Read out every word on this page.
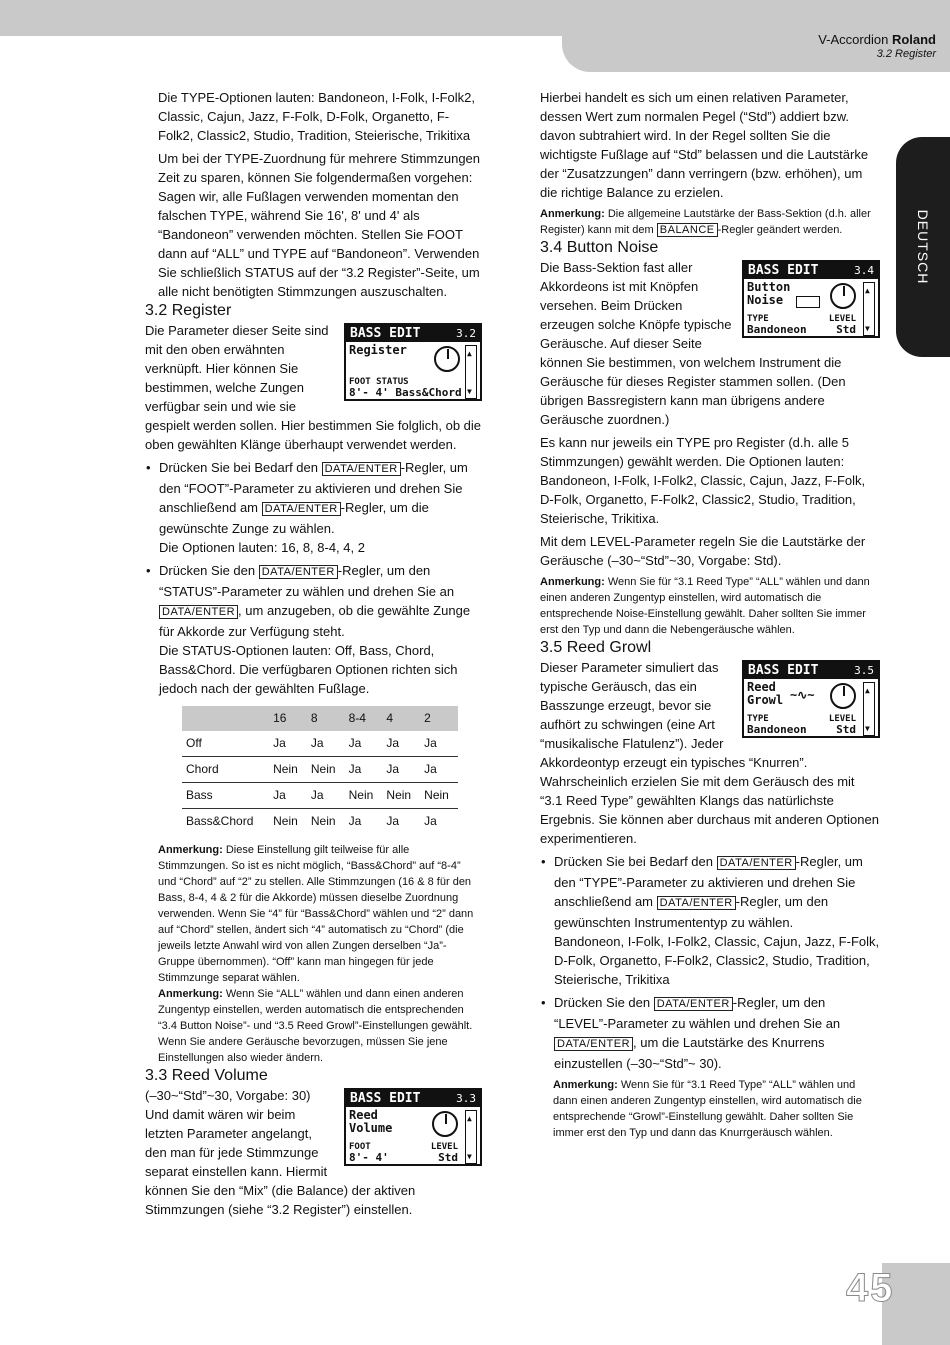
V-Accordion Roland
3.2 Register
DEUTSCH
45

Die TYPE-Optionen lauten: Bandoneon, I-Folk, I-Folk2, Classic, Cajun, Jazz, F-Folk, D-Folk, Organetto, F-Folk2, Classic2, Studio, Tradition, Steierische, Trikitixa

Um bei der TYPE-Zuordnung für mehrere Stimmzungen Zeit zu sparen, können Sie folgendermaßen vorgehen: Sagen wir, alle Fußlagen verwenden momentan den falschen TYPE, während Sie 16', 8' und 4' als “Bandoneon” verwenden möchten. Stellen Sie FOOT dann auf “ALL” und TYPE auf “Bandoneon”. Verwenden Sie schließlich STATUS auf der “3.2 Register”-Seite, um alle nicht benötigten Stimmzungen auszuschalten.

3.2 Register

BASS EDIT	3.2
Register
▲ ▼
FOOT STATUS
8'- 4' Bass&Chord

Die Parameter dieser Seite sind mit den oben erwähnten verknüpft. Hier können Sie bestimmen, welche Zungen verfügbar sein und wie sie gespielt werden sollen. Hier bestimmen Sie folglich, ob die oben gewählten Klänge überhaupt verwendet werden.

• Drücken Sie bei Bedarf den DATA/ENTER -Regler, um den “FOOT”-Parameter zu aktivieren und drehen Sie anschließend am DATA/ENTER -Regler, um die gewünschte Zunge zu wählen.
Die Optionen lauten: 16, 8, 8-4, 4, 2

• Drücken Sie den DATA/ENTER -Regler, um den “STATUS”-Parameter zu wählen und drehen Sie an DATA/ENTER , um anzugeben, ob die gewählte Zunge für Akkorde zur Verfügung steht.
Die STATUS-Optionen lauten: Off, Bass, Chord, Bass&Chord. Die verfügbaren Optionen richten sich jedoch nach der gewählten Fußlage.

	16	8	8-4	4	2
Off	Ja	Ja	Ja	Ja	Ja
Chord	Nein	Nein	Ja	Ja	Ja
Bass	Ja	Ja	Nein	Nein	Nein
Bass&Chord	Nein	Nein	Ja	Ja	Ja

Anmerkung: Diese Einstellung gilt teilweise für alle Stimmzungen. So ist es nicht möglich, “Bass&Chord” auf “8-4” und “Chord” auf “2” zu stellen. Alle Stimmzungen (16 & 8 für den Bass, 8-4, 4 & 2 für die Akkorde) müssen dieselbe Zuordnung verwenden. Wenn Sie “4” für “Bass&Chord” wählen und “2” dann auf “Chord” stellen, ändert sich “4” automatisch zu “Chord” (die jeweils letzte Anwahl wird von allen Zungen derselben “Ja”-Gruppe übernommen). “Off” kann man hingegen für jede Stimmzunge separat wählen.

Anmerkung: Wenn Sie “ALL” wählen und dann einen anderen Zungentyp einstellen, werden automatisch die entsprechenden “3.4 Button Noise”- und “3.5 Reed Growl”-Einstellungen gewählt. Wenn Sie andere Geräusche bevorzugen, müssen Sie jene Einstellungen also wieder ändern.

3.3 Reed Volume

BASS EDIT	3.3
Reed
Volume
▲ ▼
FOOT	LEVEL
8'- 4'	Std

(–30~“Std”~30, Vorgabe: 30) Und damit wären wir beim letzten Parameter angelangt, den man für jede Stimmzunge separat einstellen kann. Hiermit können Sie den “Mix” (die Balance) der aktiven Stimmzungen (siehe “3.2 Register”) einstellen.

Hierbei handelt es sich um einen relativen Parameter, dessen Wert zum normalen Pegel (“Std”) addiert bzw. davon subtrahiert wird. In der Regel sollten Sie die wichtigste Fußlage auf “Std” belassen und die Lautstärke der “Zusatzzungen” dann verringern (bzw. erhöhen), um die richtige Balance zu erzielen.

Anmerkung: Die allgemeine Lautstärke der Bass-Sektion (d.h. aller Register) kann mit dem BALANCE -Regler geändert werden.

3.4 Button Noise

BASS EDIT	3.4
Button
Noise
▲ ▼
TYPE	LEVEL
Bandoneon	Std

Die Bass-Sektion fast aller Akkordeons ist mit Knöpfen versehen. Beim Drücken erzeugen solche Knöpfe typische Geräusche. Auf dieser Seite können Sie bestimmen, von welchem Instrument die Geräusche für dieses Register stammen sollen. (Den übrigen Bassregistern kann man übrigens andere Geräusche zuordnen.)

Es kann nur jeweils ein TYPE pro Register (d.h. alle 5 Stimmzungen) gewählt werden. Die Optionen lauten: Bandoneon, I-Folk, I-Folk2, Classic, Cajun, Jazz, F-Folk, D-Folk, Organetto, F-Folk2, Classic2, Studio, Tradition, Steierische, Trikitixa.

Mit dem LEVEL-Parameter regeln Sie die Lautstärke der Geräusche (–30~“Std”~30, Vorgabe: Std).

Anmerkung: Wenn Sie für “3.1 Reed Type” “ALL” wählen und dann einen anderen Zungentyp einstellen, wird automatisch die entsprechende Noise-Einstellung gewählt. Daher sollten Sie immer erst den Typ und dann die Nebengeräusche wählen.

3.5 Reed Growl

BASS EDIT	3.5
Reed
Growl ~∿~
▲ ▼
TYPE	LEVEL
Bandoneon	Std

Dieser Parameter simuliert das typische Geräusch, das ein Basszunge erzeugt, bevor sie aufhört zu schwingen (eine Art “musikalische Flatulenz”). Jeder Akkordeontyp erzeugt ein typisches “Knurren”. Wahrscheinlich erzielen Sie mit dem Geräusch des mit “3.1 Reed Type” gewählten Klangs das natürlichste Ergebnis. Sie können aber durchaus mit anderen Optionen experimentieren.

• Drücken Sie bei Bedarf den DATA/ENTER -Regler, um den “TYPE”-Parameter zu aktivieren und drehen Sie anschließend am DATA/ENTER -Regler, um den gewünschten Instrumententyp zu wählen.
Bandoneon, I-Folk, I-Folk2, Classic, Cajun, Jazz, F-Folk, D-Folk, Organetto, F-Folk2, Classic2, Studio, Tradition, Steierische, Trikitixa

• Drücken Sie den DATA/ENTER -Regler, um den “LEVEL”-Parameter zu wählen und drehen Sie an DATA/ENTER , um die Lautstärke des Knurrens einzustellen (–30~“Std”~ 30).

Anmerkung: Wenn Sie für “3.1 Reed Type” “ALL” wählen und dann einen anderen Zungentyp einstellen, wird automatisch die entsprechende “Growl”-Einstellung gewählt. Daher sollten Sie immer erst den Typ und dann das Knurrgeräusch wählen.
